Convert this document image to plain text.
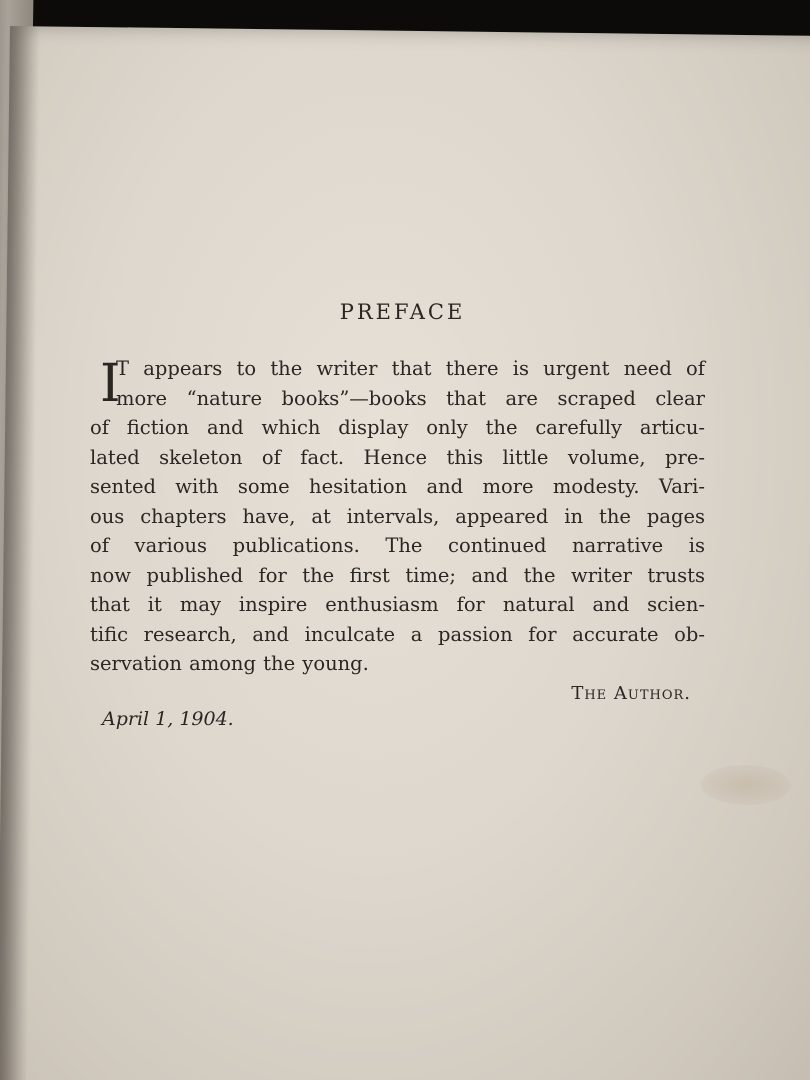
PREFACE
I
T appears to the writer that there is urgent need of
more “nature books”—books that are scraped clear
of fiction and which display only the carefully articu-
lated skeleton of fact. Hence this little volume, pre-
sented with some hesitation and more modesty. Vari-
ous chapters have, at intervals, appeared in the pages
of various publications. The continued narrative is
now published for the first time; and the writer trusts
that it may inspire enthusiasm for natural and scien-
tific research, and inculcate a passion for accurate ob-
servation among the young.
The Author.
April 1, 1904.
